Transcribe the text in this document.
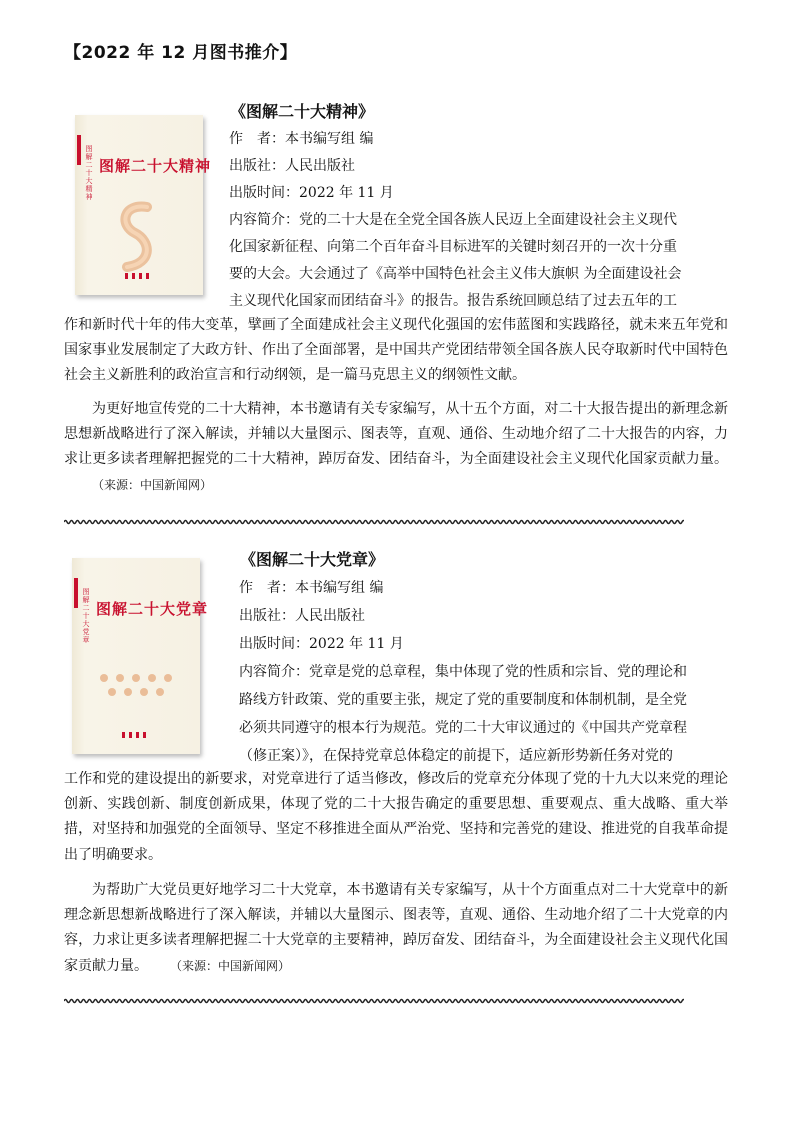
【2022 年 12 月图书推介】
图解二十大精神 图解二十大精神
《图解二十大精神》
作　者：本书编写组 编
出版社：人民出版社
出版时间：2022 年 11 月
内容简介：党的二十大是在全党全国各族人民迈上全面建设社会主义现代
化国家新征程、向第二个百年奋斗目标进军的关键时刻召开的一次十分重
要的大会。大会通过了《高举中国特色社会主义伟大旗帜 为全面建设社会
主义现代化国家而团结奋斗》的报告。报告系统回顾总结了过去五年的工

作和新时代十年的伟大变革，擘画了全面建成社会主义现代化强国的宏伟蓝图和实践路径，就未来五年党和国家事业发展制定了大政方针、作出了全面部署，是中国共产党团结带领全国各族人民夺取新时代中国特色社会主义新胜利的政治宣言和行动纲领，是一篇马克思主义的纲领性文献。

为更好地宣传党的二十大精神，本书邀请有关专家编写，从十五个方面，对二十大报告提出的新理念新思想新战略进行了深入解读，并辅以大量图示、图表等，直观、通俗、生动地介绍了二十大报告的内容，力求让更多读者理解把握党的二十大精神，踔厉奋发、团结奋斗，为全面建设社会主义现代化国家贡献力量。（来源：中国新闻网）

图解二十大党章 图解二十大党章
《图解二十大党章》
作　者：本书编写组 编
出版社：人民出版社
出版时间：2022 年 11 月
内容简介：党章是党的总章程，集中体现了党的性质和宗旨、党的理论和
路线方针政策、党的重要主张，规定了党的重要制度和体制机制，是全党
必须共同遵守的根本行为规范。党的二十大审议通过的《中国共产党章程
（修正案）》，在保持党章总体稳定的前提下，适应新形势新任务对党的

工作和党的建设提出的新要求，对党章进行了适当修改，修改后的党章充分体现了党的十九大以来党的理论创新、实践创新、制度创新成果，体现了党的二十大报告确定的重要思想、重要观点、重大战略、重大举措，对坚持和加强党的全面领导、坚定不移推进全面从严治党、坚持和完善党的建设、推进党的自我革命提出了明确要求。

为帮助广大党员更好地学习二十大党章，本书邀请有关专家编写，从十个方面重点对二十大党章中的新理念新思想新战略进行了深入解读，并辅以大量图示、图表等，直观、通俗、生动地介绍了二十大党章的内容，力求让更多读者理解把握二十大党章的主要精神，踔厉奋发、团结奋斗，为全面建设社会主义现代化国家贡献力量。 （来源：中国新闻网）
